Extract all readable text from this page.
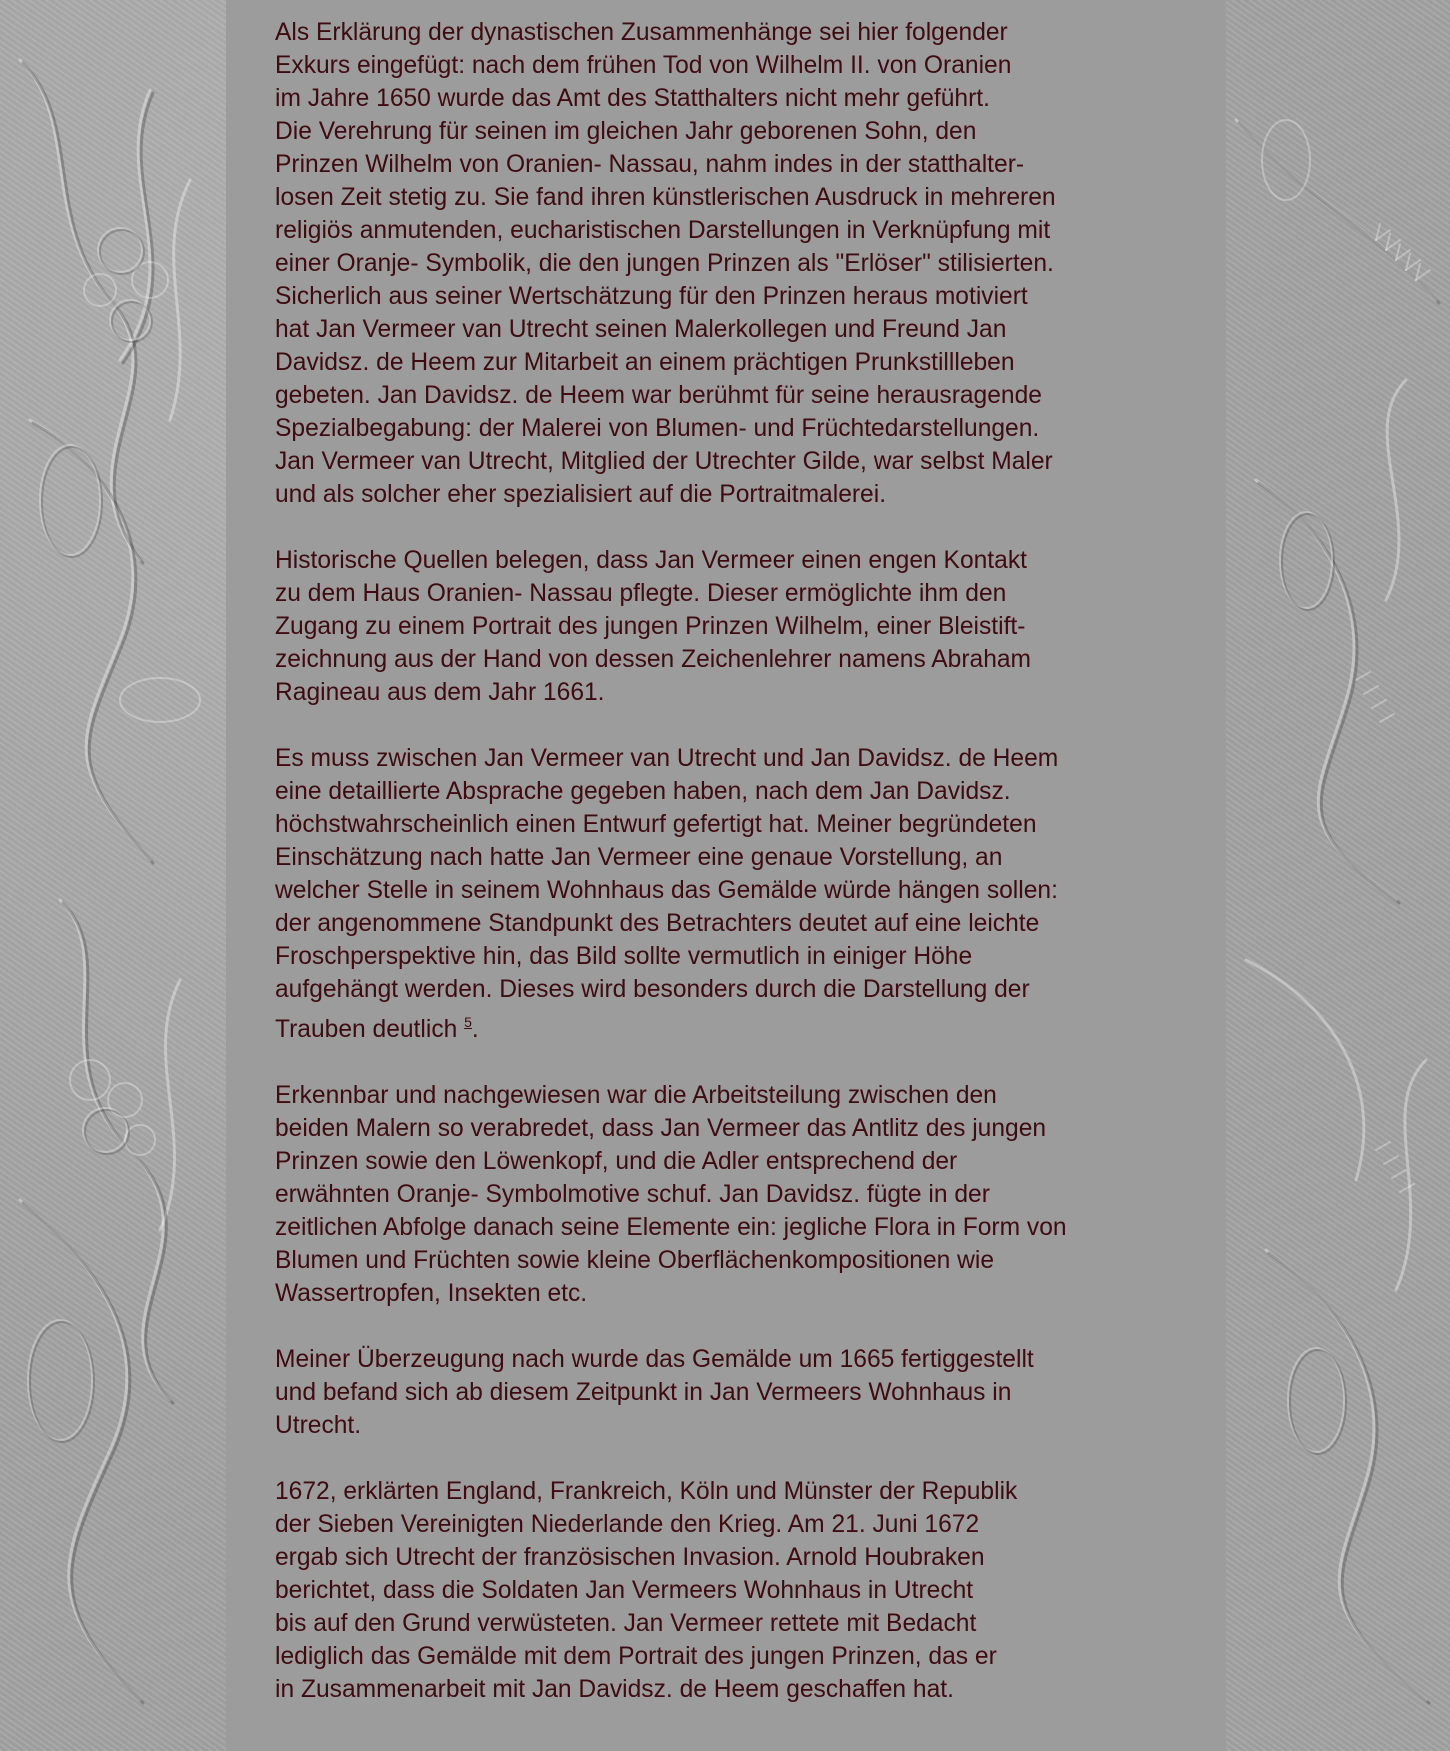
Als Erklärung der dynastischen Zusammenhänge sei hier folgender
Exkurs eingefügt: nach dem frühen Tod von Wilhelm II. von Oranien
im Jahre 1650 wurde das Amt des Statthalters nicht mehr geführt.
Die Verehrung für seinen im gleichen Jahr geborenen Sohn, den
Prinzen Wilhelm von Oranien- Nassau, nahm indes in der statthalter-
losen Zeit stetig zu. Sie fand ihren künstlerischen Ausdruck in mehreren
religiös anmutenden, eucharistischen Darstellungen in Verknüpfung mit
einer Oranje- Symbolik, die den jungen Prinzen als "Erlöser" stilisierten.
Sicherlich aus seiner Wertschätzung für den Prinzen heraus motiviert
hat Jan Vermeer van Utrecht seinen Malerkollegen und Freund Jan
Davidsz. de Heem zur Mitarbeit an einem prächtigen Prunkstillleben
gebeten. Jan Davidsz. de Heem war berühmt für seine herausragende
Spezialbegabung: der Malerei von Blumen- und Früchtedarstellungen.
Jan Vermeer van Utrecht, Mitglied der Utrechter Gilde, war selbst Maler
und als solcher eher spezialisiert auf die Portraitmalerei.

Historische Quellen belegen, dass Jan Vermeer einen engen Kontakt
zu dem Haus Oranien- Nassau pflegte. Dieser ermöglichte ihm den
Zugang zu einem Portrait des jungen Prinzen Wilhelm, einer Bleistift-
zeichnung aus der Hand von dessen Zeichenlehrer namens Abraham
Ragineau aus dem Jahr 1661.

Es muss zwischen Jan Vermeer van Utrecht und Jan Davidsz. de Heem
eine detaillierte Absprache gegeben haben, nach dem Jan Davidsz.
höchstwahrscheinlich einen Entwurf gefertigt hat. Meiner begründeten
Einschätzung nach hatte Jan Vermeer eine genaue Vorstellung, an
welcher Stelle in seinem Wohnhaus das Gemälde würde hängen sollen:
der angenommene Standpunkt des Betrachters deutet auf eine leichte
Froschperspektive hin, das Bild sollte vermutlich in einiger Höhe
aufgehängt werden. Dieses wird besonders durch die Darstellung der
Trauben deutlich $^5$.

Erkennbar und nachgewiesen war die Arbeitsteilung zwischen den
beiden Malern so verabredet, dass Jan Vermeer das Antlitz des jungen
Prinzen sowie den Löwenkopf, und die Adler entsprechend der
erwähnten Oranje- Symbolmotive schuf. Jan Davidsz. fügte in der
zeitlichen Abfolge danach seine Elemente ein: jegliche Flora in Form von
Blumen und Früchten sowie kleine Oberflächenkompositionen wie
Wassertropfen, Insekten etc.

Meiner Überzeugung nach wurde das Gemälde um 1665 fertiggestellt
und befand sich ab diesem Zeitpunkt in Jan Vermeers Wohnhaus in
Utrecht.

1672, erklärten England, Frankreich, Köln und Münster der Republik
der Sieben Vereinigten Niederlande den Krieg. Am 21. Juni 1672
ergab sich Utrecht der französischen Invasion. Arnold Houbraken
berichtet, dass die Soldaten Jan Vermeers Wohnhaus in Utrecht
bis auf den Grund verwüsteten. Jan Vermeer rettete mit Bedacht
lediglich das Gemälde mit dem Portrait des jungen Prinzen, das er
in Zusammenarbeit mit Jan Davidsz. de Heem geschaffen hat.
